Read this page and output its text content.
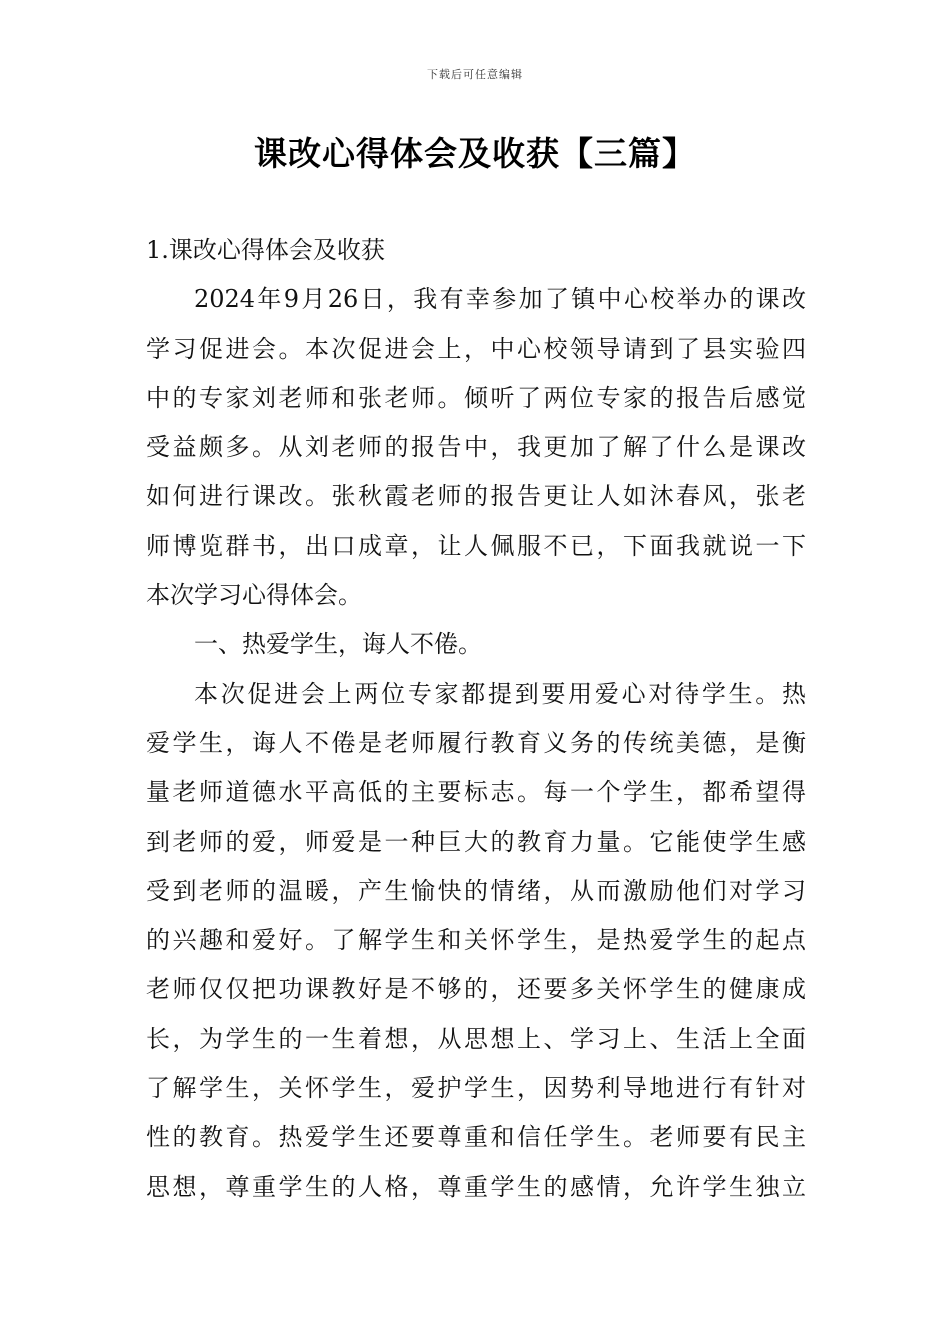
下载后可任意编辑
课改心得体会及收获【三篇】
1.课改心得体会及收获
2024年9月26日，我有幸参加了镇中心校举办的课改
学习促进会。本次促进会上，中心校领导请到了县实验四
中的专家刘老师和张老师。倾听了两位专家的报告后感觉
受益颇多。从刘老师的报告中，我更加了解了什么是课改
如何进行课改。张秋霞老师的报告更让人如沐春风，张老
师博览群书，出口成章，让人佩服不已，下面我就说一下
本次学习心得体会。
一、热爱学生，诲人不倦。
本次促进会上两位专家都提到要用爱心对待学生。热
爱学生，诲人不倦是老师履行教育义务的传统美德，是衡
量老师道德水平高低的主要标志。每一个学生，都希望得
到老师的爱，师爱是一种巨大的教育力量。它能使学生感
受到老师的温暖，产生愉快的情绪，从而激励他们对学习
的兴趣和爱好。了解学生和关怀学生，是热爱学生的起点
老师仅仅把功课教好是不够的，还要多关怀学生的健康成
长，为学生的一生着想，从思想上、学习上、生活上全面
了解学生，关怀学生，爱护学生，因势利导地进行有针对
性的教育。热爱学生还要尊重和信任学生。老师要有民主
思想，尊重学生的人格，尊重学生的感情，允许学生独立
